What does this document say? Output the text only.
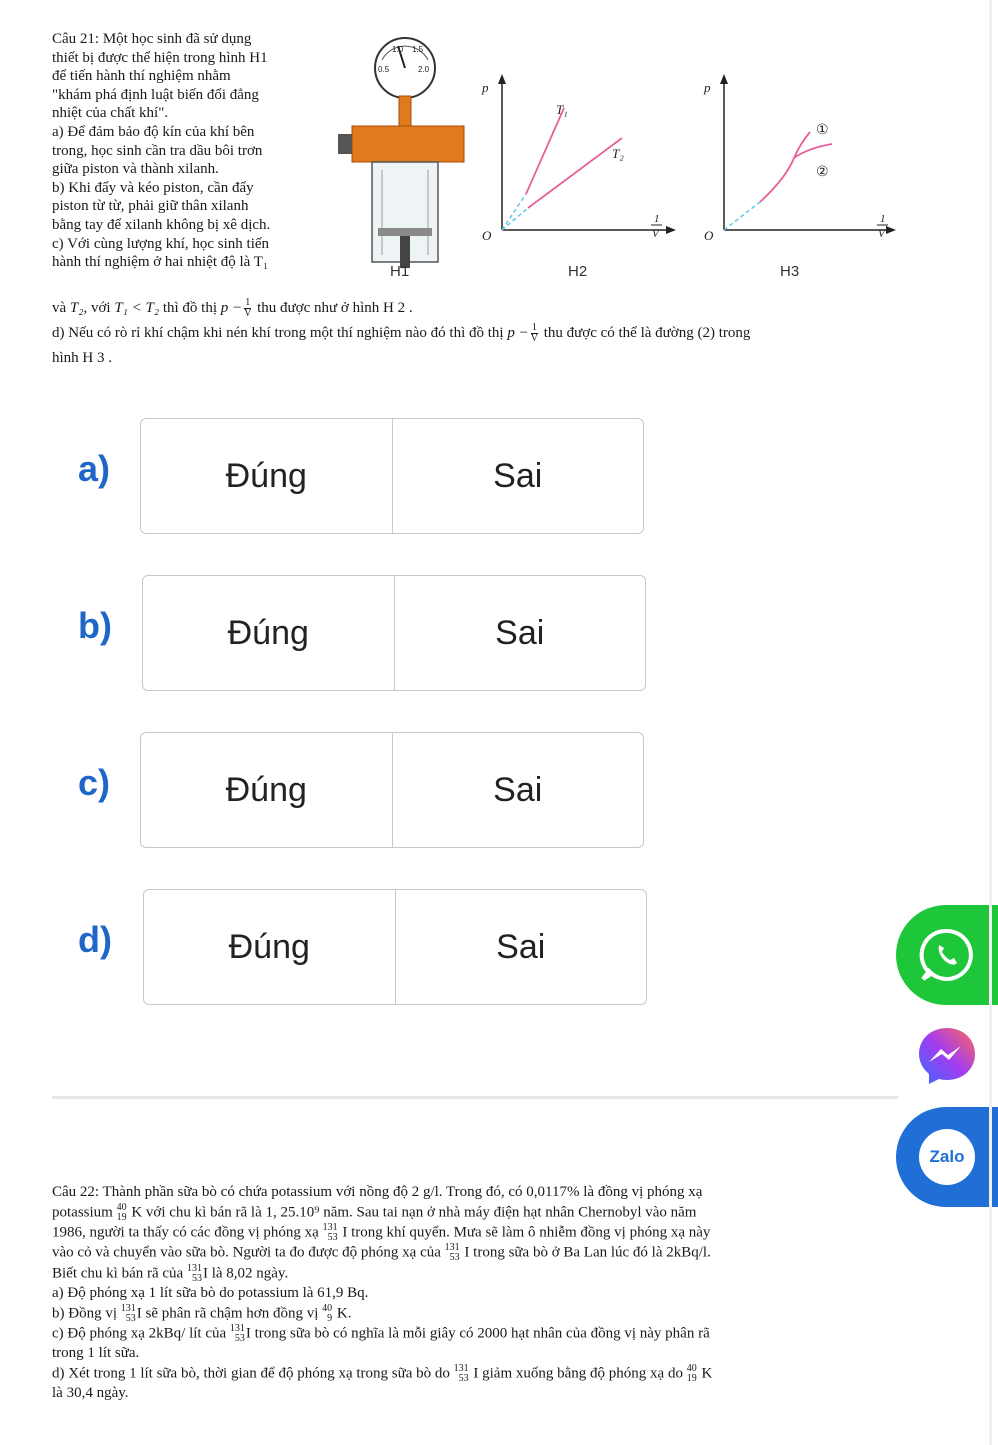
Câu 21: Một học sinh đã sử dụng

thiết bị được thể hiện trong hình H1

để tiến hành thí nghiệm nhằm

"khám phá định luật biến đổi đẳng

nhiệt của chất khí".

a) Để đảm bảo độ kín của khí bên

trong, học sinh cần tra dầu bôi trơn

giữa piston và thành xilanh.

b) Khi đẩy và kéo piston, cần đẩy

piston từ từ, phải giữ thân xilanh

bằng tay để xilanh không bị xê dịch.

c) Với cùng lượng khí, học sinh tiến

hành thí nghiệm ở hai nhiệt độ là T₁

0.5
1.0 1.5
2.0
H1
p
O
1
V
T₁
T₂
H2
p
O
1
V
①
②
H3

và T₂, với T₁ < T₂ thì đồ thị $p - \frac{1}{V}$ thu được như ở hình H 2 .

d) Nếu có rò rỉ khí chậm khi nén khí trong một thí nghiệm nào đó thì đồ thị $p - \frac{1}{V}$ thu được có thể là đường (2) trong

hình H 3 .

a)	Đúng	Sai
b)	Đúng	Sai
c)	Đúng	Sai
d)	Đúng	Sai

Câu 22: Thành phần sữa bò có chứa potassium với nồng độ 2 g/l. Trong đó, có 0,0117% là đồng vị phóng xạ

potassium 40
19 K với chu kì bán rã là 1, 25.10⁹ năm. Sau tai nạn ở nhà máy điện hạt nhân Chernobyl vào năm

1986, người ta thấy có các đồng vị phóng xạ 131
53 I trong khí quyển. Mưa sẽ làm ô nhiễm đồng vị phóng xạ này

vào cỏ và chuyển vào sữa bò. Người ta đo được độ phóng xạ của 131
53 I trong sữa bò ở Ba Lan lúc đó là 2kBq/l.

Biết chu kì bán rã của 131
53 I là 8,02 ngày.

a) Độ phóng xạ 1 lít sữa bò do potassium là 61,9 Bq.

b) Đồng vị 131
53 I sẽ phân rã chậm hơn đồng vị 40
9 K.

c) Độ phóng xạ 2kBq/ lít của 131
53 I trong sữa bò có nghĩa là mỗi giây có 2000 hạt nhân của đồng vị này phân rã

trong 1 lít sữa.

d) Xét trong 1 lít sữa bò, thời gian để độ phóng xạ trong sữa bò do 131
53 I giảm xuống bằng độ phóng xạ do 40
19 K

là 30,4 ngày.

Zalo
